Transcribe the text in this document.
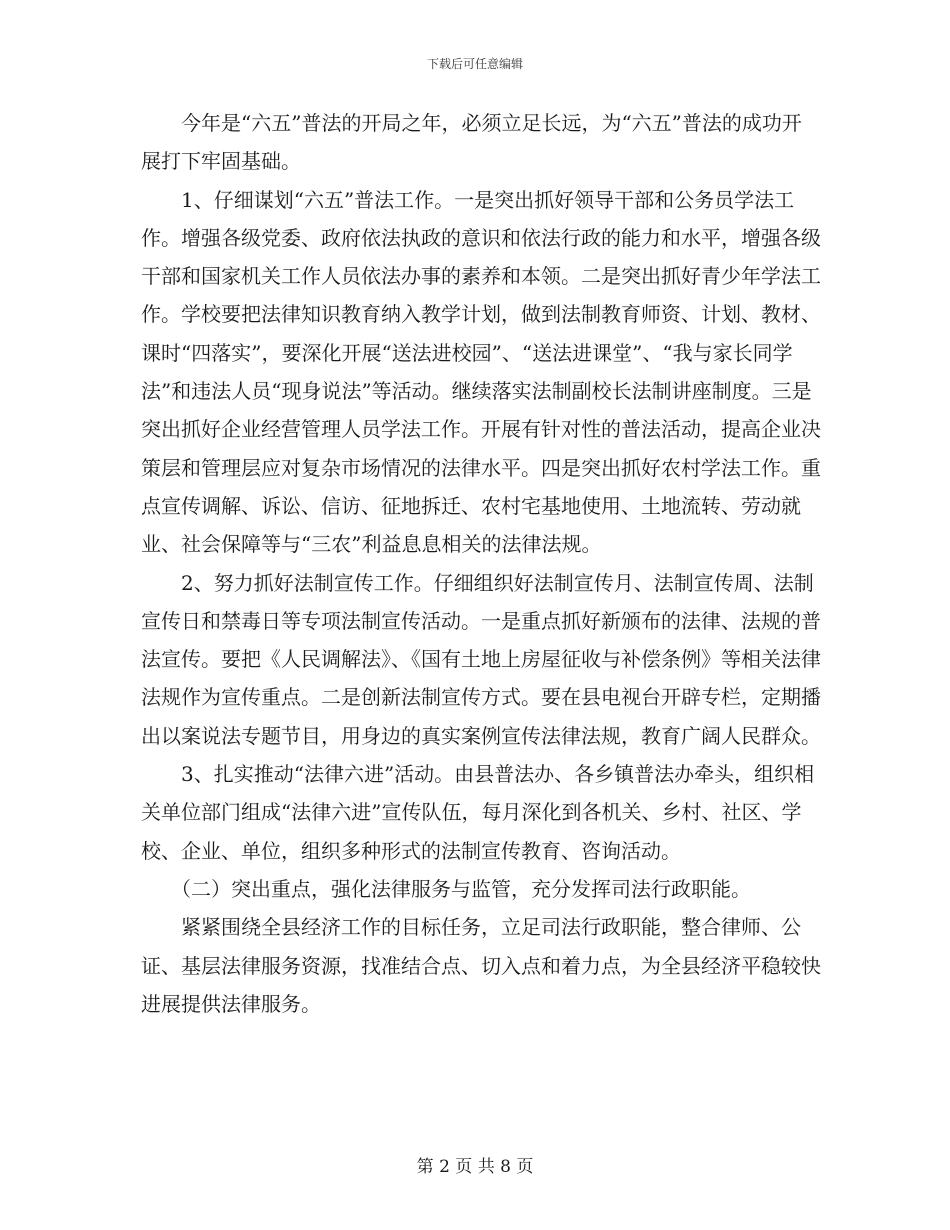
下载后可任意编辑

今年是“六五”普法的开局之年，必须立足长远，为“六五”普法的成功开展打下牢固基础。

1、仔细谋划“六五”普法工作。一是突出抓好领导干部和公务员学法工作。增强各级党委、政府依法执政的意识和依法行政的能力和水平，增强各级干部和国家机关工作人员依法办事的素养和本领。二是突出抓好青少年学法工作。学校要把法律知识教育纳入教学计划，做到法制教育师资、计划、教材、课时“四落实”，要深化开展“送法进校园”、“送法进课堂”、“我与家长同学法”和违法人员“现身说法”等活动。继续落实法制副校长法制讲座制度。三是突出抓好企业经营管理人员学法工作。开展有针对性的普法活动，提高企业决策层和管理层应对复杂市场情况的法律水平。四是突出抓好农村学法工作。重点宣传调解、诉讼、信访、征地拆迁、农村宅基地使用、土地流转、劳动就业、社会保障等与“三农”利益息息相关的法律法规。

2、努力抓好法制宣传工作。仔细组织好法制宣传月、法制宣传周、法制宣传日和禁毒日等专项法制宣传活动。一是重点抓好新颁布的法律、法规的普法宣传。要把《人民调解法》、《国有土地上房屋征收与补偿条例》等相关法律法规作为宣传重点。二是创新法制宣传方式。要在县电视台开辟专栏，定期播出以案说法专题节目，用身边的真实案例宣传法律法规，教育广阔人民群众。

3、扎实推动“法律六进”活动。由县普法办、各乡镇普法办牵头，组织相关单位部门组成“法律六进”宣传队伍，每月深化到各机关、乡村、社区、学校、企业、单位，组织多种形式的法制宣传教育、咨询活动。

（二）突出重点，强化法律服务与监管，充分发挥司法行政职能。

紧紧围绕全县经济工作的目标任务，立足司法行政职能，整合律师、公证、基层法律服务资源，找准结合点、切入点和着力点，为全县经济平稳较快进展提供法律服务。

第 2 页 共 8 页
